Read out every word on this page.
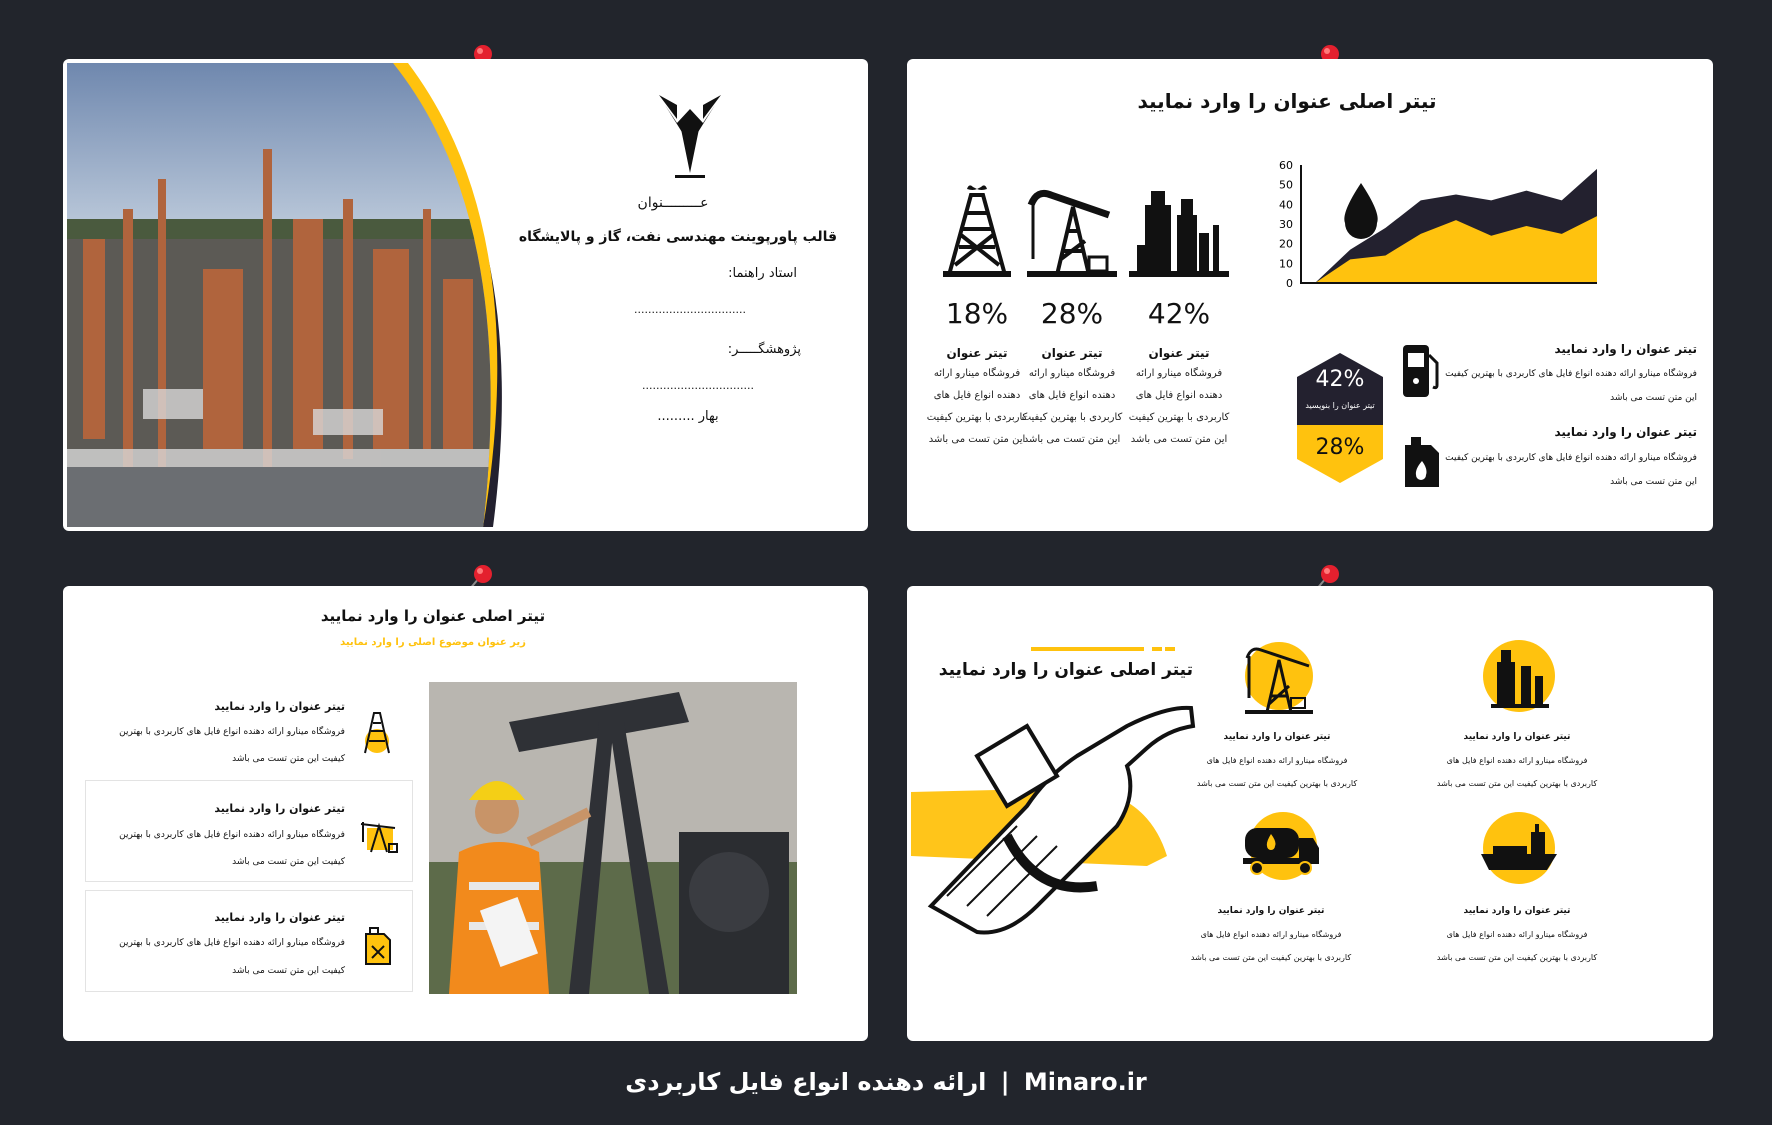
عـــــــــنوان
قالب پاورپوینت مهندسی نفت، گاز و پالایشگاه
استاد راهنما:
................................
پژوهشگـــــر:
................................
بهار .........
تیتر اصلی عنوان را وارد نمایید
42%
تیتر عنوان
فروشگاه مینارو ارائه
دهنده انواع فایل های
کاربردی با بهترین کیفیت
این متن تست می باشد
28%
تیتر عنوان
فروشگاه مینارو ارائه
دهنده انواع فایل های
کاربردی با بهترین کیفیت
این متن تست می باشد
18%
تیتر عنوان
فروشگاه مینارو ارائه
دهنده انواع فایل های
کاربردی با بهترین کیفیت
این متن تست می باشد
0
10
20
30
40
50
60
42%
تیتر عنوان را بنویسید
28%
تیتر عنوان را وارد نمایید
فروشگاه مینارو ارائه دهنده انواع فایل های کاربردی با بهترین کیفیت
این متن تست می باشد
تیتر عنوان را وارد نمایید
فروشگاه مینارو ارائه دهنده انواع فایل های کاربردی با بهترین کیفیت
این متن تست می باشد
تیتر اصلی عنوان را وارد نمایید
زیر عنوان موضوع اصلی را وارد نمایید
تیتر عنوان را وارد نمایید
فروشگاه مینارو ارائه دهنده انواع فایل های کاربردی با بهترین
کیفیت این متن تست می باشد
تیتر عنوان را وارد نمایید
فروشگاه مینارو ارائه دهنده انواع فایل های کاربردی با بهترین
کیفیت این متن تست می باشد
تیتر عنوان را وارد نمایید
فروشگاه مینارو ارائه دهنده انواع فایل های کاربردی با بهترین
کیفیت این متن تست می باشد
تیتر اصلی عنوان را وارد نمایید
تیتر عنوان را وارد نمایید
فروشگاه مینارو ارائه دهنده انواع فایل های
کاربردی با بهترین کیفیت این متن تست می باشد
تیتر عنوان را وارد نمایید
فروشگاه مینارو ارائه دهنده انواع فایل های
کاربردی با بهترین کیفیت این متن تست می باشد
تیتر عنوان را وارد نمایید
فروشگاه مینارو ارائه دهنده انواع فایل های
کاربردی با بهترین کیفیت این متن تست می باشد
تیتر عنوان را وارد نمایید
فروشگاه مینارو ارائه دهنده انواع فایل های
کاربردی با بهترین کیفیت این متن تست می باشد
ارائه دهنده انواع فایل کاربردی | Minaro.ir
